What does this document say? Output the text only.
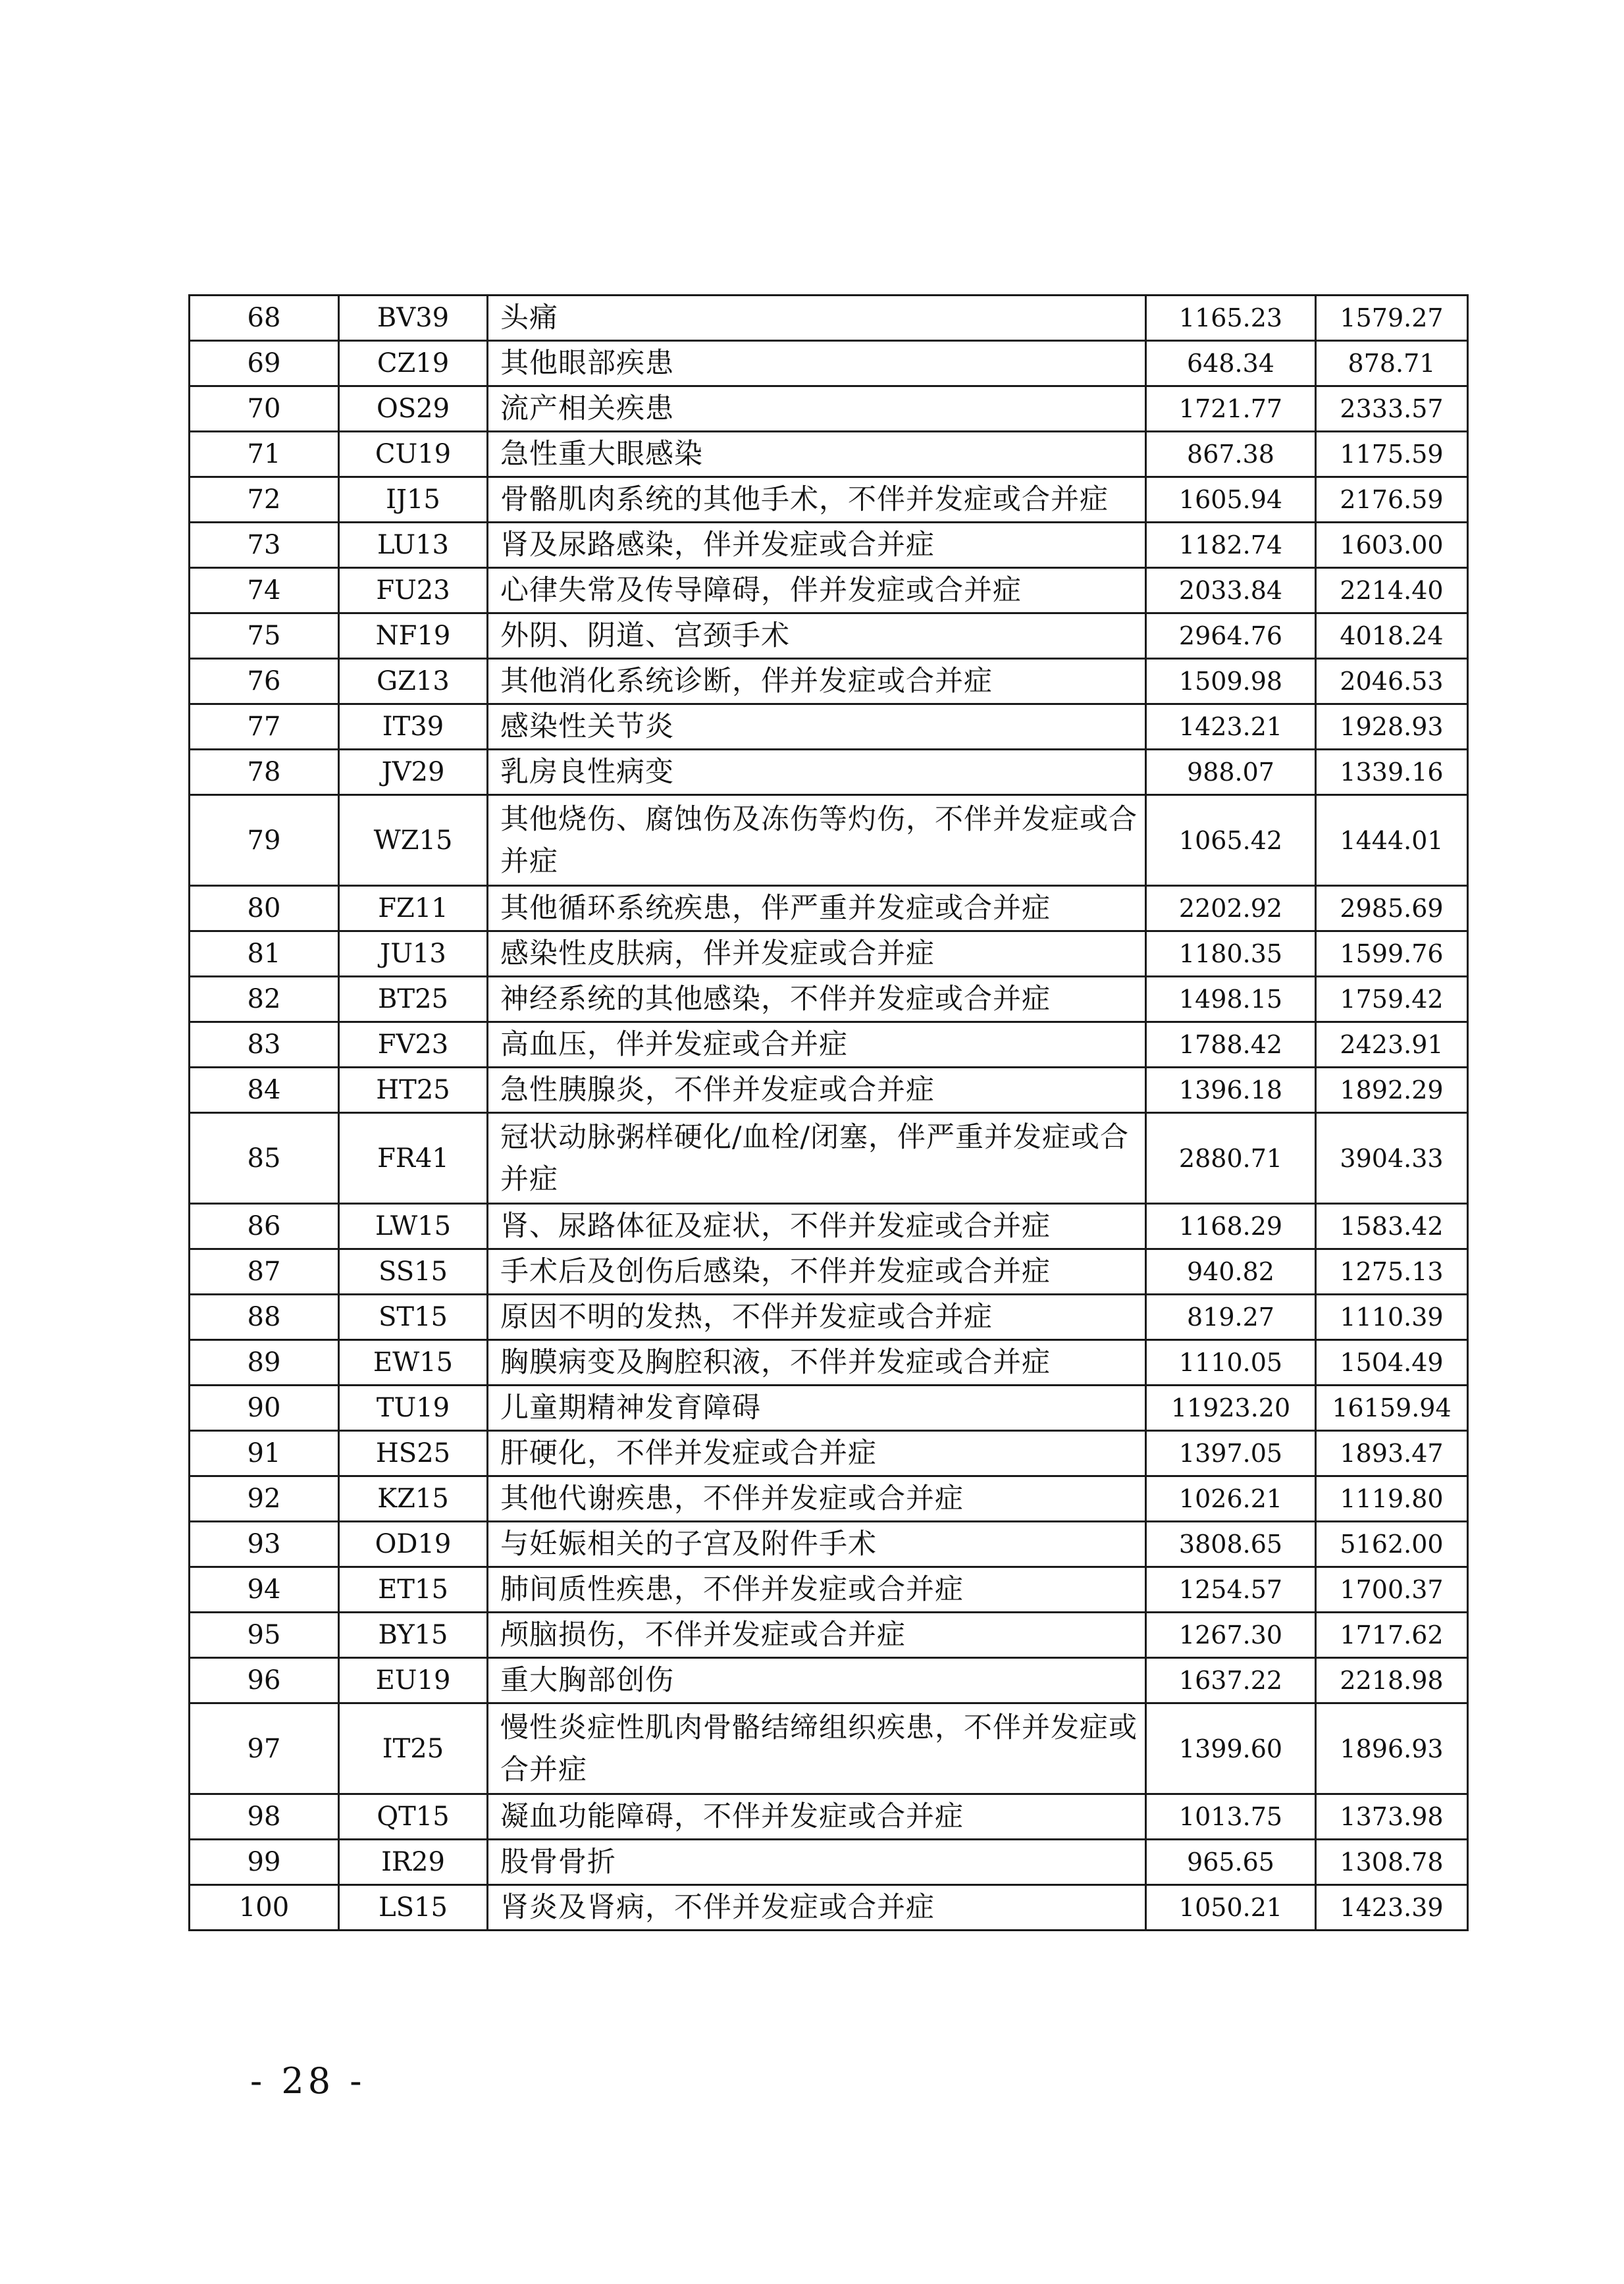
68	BV39	头痛	1165.23	1579.27
69	CZ19	其他眼部疾患	648.34	878.71
70	OS29	流产相关疾患	1721.77	2333.57
71	CU19	急性重大眼感染	867.38	1175.59
72	IJ15	骨骼肌肉系统的其他手术，不伴并发症或合并症	1605.94	2176.59
73	LU13	肾及尿路感染，伴并发症或合并症	1182.74	1603.00
74	FU23	心律失常及传导障碍，伴并发症或合并症	2033.84	2214.40
75	NF19	外阴、阴道、宫颈手术	2964.76	4018.24
76	GZ13	其他消化系统诊断，伴并发症或合并症	1509.98	2046.53
77	IT39	感染性关节炎	1423.21	1928.93
78	JV29	乳房良性病变	988.07	1339.16
79	WZ15	其他烧伤、腐蚀伤及冻伤等灼伤，不伴并发症或合并症	1065.42	1444.01
80	FZ11	其他循环系统疾患，伴严重并发症或合并症	2202.92	2985.69
81	JU13	感染性皮肤病，伴并发症或合并症	1180.35	1599.76
82	BT25	神经系统的其他感染，不伴并发症或合并症	1498.15	1759.42
83	FV23	高血压，伴并发症或合并症	1788.42	2423.91
84	HT25	急性胰腺炎，不伴并发症或合并症	1396.18	1892.29
85	FR41	冠状动脉粥样硬化/血栓/闭塞，伴严重并发症或合并症	2880.71	3904.33
86	LW15	肾、尿路体征及症状，不伴并发症或合并症	1168.29	1583.42
87	SS15	手术后及创伤后感染，不伴并发症或合并症	940.82	1275.13
88	ST15	原因不明的发热，不伴并发症或合并症	819.27	1110.39
89	EW15	胸膜病变及胸腔积液，不伴并发症或合并症	1110.05	1504.49
90	TU19	儿童期精神发育障碍	11923.20	16159.94
91	HS25	肝硬化，不伴并发症或合并症	1397.05	1893.47
92	KZ15	其他代谢疾患，不伴并发症或合并症	1026.21	1119.80
93	OD19	与妊娠相关的子宫及附件手术	3808.65	5162.00
94	ET15	肺间质性疾患，不伴并发症或合并症	1254.57	1700.37
95	BY15	颅脑损伤，不伴并发症或合并症	1267.30	1717.62
96	EU19	重大胸部创伤	1637.22	2218.98
97	IT25	慢性炎症性肌肉骨骼结缔组织疾患，不伴并发症或合并症	1399.60	1896.93
98	QT15	凝血功能障碍，不伴并发症或合并症	1013.75	1373.98
99	IR29	股骨骨折	965.65	1308.78
100	LS15	肾炎及肾病，不伴并发症或合并症	1050.21	1423.39
- 28 -
